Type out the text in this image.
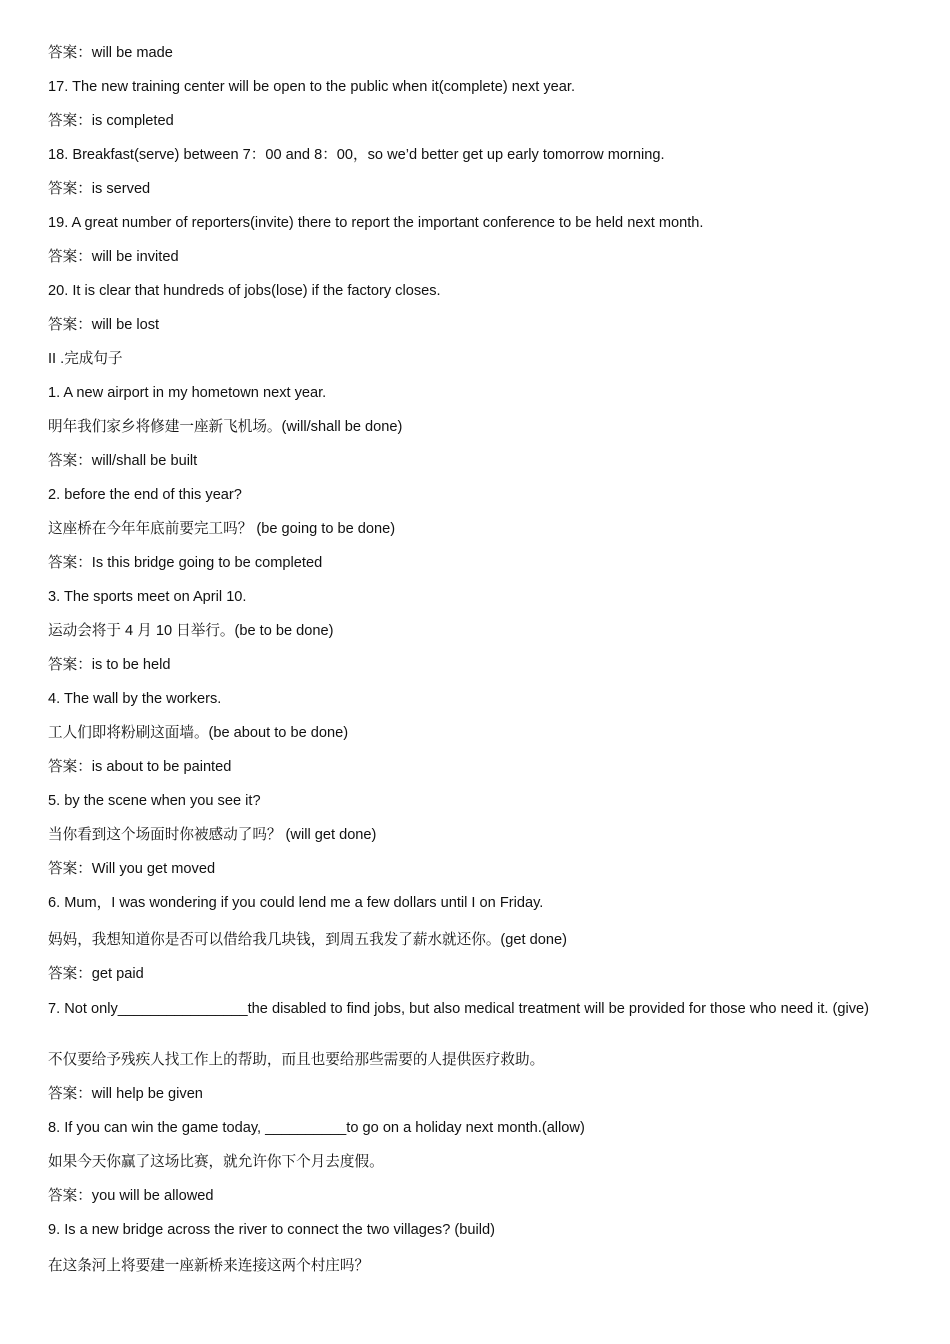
答案：will be made
17. The new training center will be open to the public when it(complete) next year.
答案：is completed
18. Breakfast(serve) between 7：00 and 8：00，so we’d better get up early tomorrow morning.
答案：is served
19. A great number of reporters(invite) there to report the important conference to be held next month.
答案：will be invited
20. It is clear that hundreds of jobs(lose) if the factory closes.
答案：will be lost
II .完成句子
1. A new airport in my hometown next year.
明年我们家乡将修建一座新飞机场。(will/shall be done)
答案：will/shall be built
2. before the end of this year?
这座桥在今年年底前要完工吗？ (be going to be done)
答案：Is this bridge going to be completed
3. The sports meet on April 10.
运动会将于 4 月 10 日举行。(be to be done)
答案：is to be held
4. The wall by the workers.
工人们即将粉刷这面墙。(be about to be done)
答案：is about to be painted
5. by the scene when you see it?
当你看到这个场面时你被感动了吗？ (will get done)
答案：Will you get moved
6. Mum，I was wondering if you could lend me a few dollars until I on Friday.
妈妈，我想知道你是否可以借给我几块钱，到周五我发了薪水就还你。(get done)
答案：get paid
7. Not only________________the disabled to find jobs, but also medical treatment will be provided for those who need it. (give)
不仅要给予残疾人找工作上的帮助，而且也要给那些需要的人提供医疗救助。
答案：will help be given
8. If you can win the game today, __________to go on a holiday next month.(allow)
如果今天你赢了这场比赛，就允许你下个月去度假。
答案：you will be allowed
9. Is a new bridge across the river to connect the two villages? (build)
在这条河上将要建一座新桥来连接这两个村庄吗？
